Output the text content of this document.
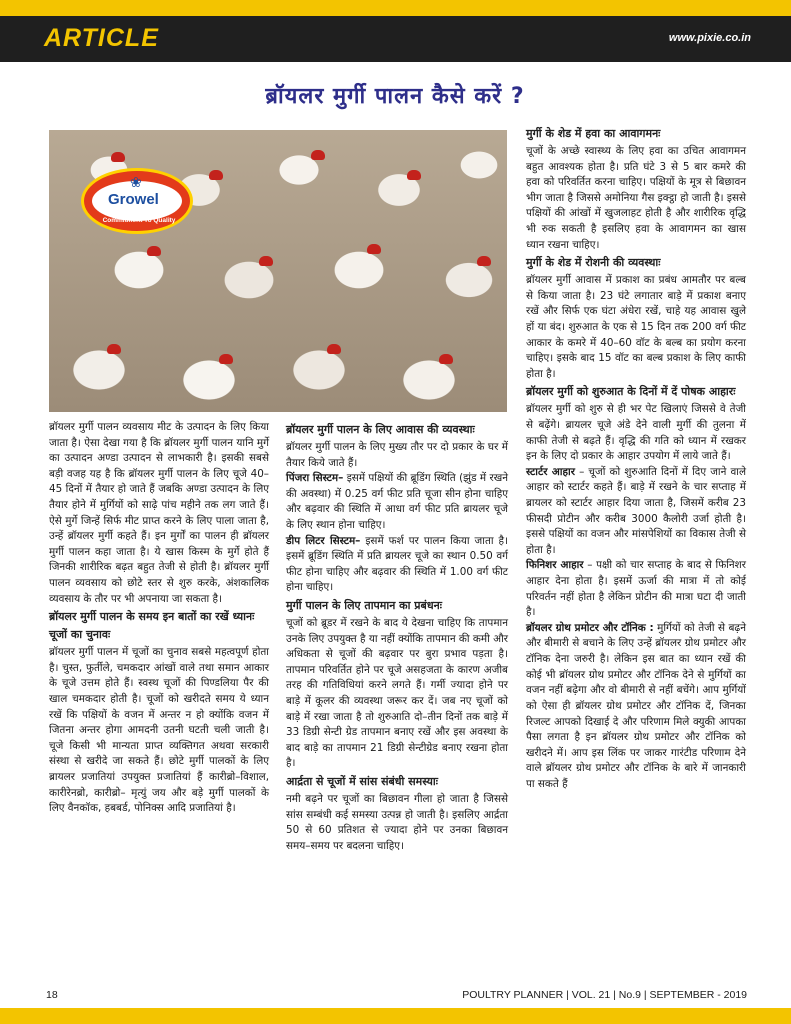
ARTICLE	www.pixie.co.in
ब्रॉयलर मुर्गी पालन कैसे करें ?
❀
Growel
Commitment To Quality

ब्रॉयलर मुर्गी पालन व्यवसाय मीट के उत्पादन के लिए किया जाता है। ऐसा देखा गया है कि ब्रॉयलर मुर्गी पालन यानि मुर्गे का उत्पादन अण्डा उत्पादन से लाभकारी है। इसकी सबसे बड़ी वजह यह है कि ब्रॉयलर मुर्गी पालन के लिए चूजे 40–45 दिनों में तैयार हो जाते हैं जबकि अण्डा उत्पादन के लिए तैयार होने में मुर्गियों को साढ़े पांच महीने तक लग जाते हैं। ऐसे मुर्गे जिन्हें सिर्फ मीट प्राप्त करने के लिए पाला जाता है, उन्हें ब्रॉयलर मुर्गी कहते हैं। इन मुर्गों का पालन ही ब्रॉयलर मुर्गी पालन कहा जाता है। ये खास किस्म के मुर्गे होते हैं जिनकी शारीरिक बढ़त बहुत तेजी से होती है। ब्रॉयलर मुर्गी पालन व्यवसाय को छोटे स्तर से शुरु करके, अंशकालिक व्यवसाय के तौर पर भी अपनाया जा सकता है।

ब्रॉयलर मुर्गी पालन के समय इन बातों का रखें ध्यानः
चूजों का चुनावः

ब्रॉयलर मुर्गी पालन में चूजों का चुनाव सबसे महत्वपूर्ण होता है। चुस्त, फुर्तीले, चमकदार आंखों वाले तथा समान आकार के चूजे उत्तम होते हैं। स्वस्थ चूजों की पिण्डलिया पैर की खाल चमकदार होती है। चूजों को खरीदते समय ये ध्यान रखें कि पक्षियों के वजन में अन्तर न हो क्योंकि वजन में जितना अन्तर होगा आमदनी उतनी घटती चली जाती है। चूजे किसी भी मान्यता प्राप्त व्यक्तिगत अथवा सरकारी संस्था से खरीदे जा सकते हैं। छोटे मुर्गी पालकों के लिए ब्रायलर प्रजातियां उपयुक्त प्रजातियां हैं कारीब्रो–विशाल, कारीरेनब्रो, कारीब्रो– मृत्युं जय और बड़े मुर्गी पालकों के लिए वैनकॉक, हबबर्ड, पोनिक्स आदि प्रजातियां है।

ब्रॉयलर मुर्गी पालन के लिए आवास की व्यवस्थाः

ब्रॉयलर मुर्गी पालन के लिए मुख्य तौर पर दो प्रकार के घर में तैयार किये जाते हैं।

पिंजरा सिस्टम– इसमें पक्षियों की ब्रूडिंग स्थिति (झुंड में रखने की अवस्था) में 0.25 वर्ग फीट प्रति चूजा सीन होना चाहिए और बढ़वार की स्थिति में आधा वर्ग फीट प्रति ब्रायलर चूजे के लिए स्थान होना चाहिए।

डीप लिटर सिस्टम– इसमें फर्श पर पालन किया जाता है। इसमें ब्रूडिंग स्थिति में प्रति ब्रायलर चूजे का स्थान 0.50 वर्ग फीट होना चाहिए और बढ़वार की स्थिति में 1.00 वर्ग फीट होना चाहिए।

मुर्गी पालन के लिए तापमान का प्रबंधनः

चूजों को ब्रूडर में रखने के बाद ये देखना चाहिए कि तापमान उनके लिए उपयुक्त है या नहीं क्योंकि तापमान की कमी और अधिकता से चूजों की बढ़वार पर बुरा प्रभाव पड़ता है। तापमान परिवर्तित होने पर चूजे असहजता के कारण अजीब तरह की गतिविधियां करने लगते हैं। गर्मी ज्यादा होने पर बाड़े में कूलर की व्यवस्था जरूर कर दें। जब नए चूजों को बाड़े में रखा जाता है तो शुरुआति दो–तीन दिनों तक बाड़े में 33 डिग्री सेन्टी ग्रेड तापमान बनाए रखें और इस अवस्था के बाद बाड़े का तापमान 21 डिग्री सेन्टीग्रेड बनाए रखना होता है।

आर्द्रता से चूजों में सांस संबंधी समस्याः

नमी बढ़ने पर चूजों का बिछावन गीला हो जाता है जिससे सांस सम्बंधी कई समस्या उत्पन्न हो जाती है। इसलिए आर्द्रता 50 से 60 प्रतिशत से ज्यादा होने पर उनका बिछावन समय–समय पर बदलना चाहिए।

मुर्गी के शेड में हवा का आवागमनः

चूजों के अच्छे स्वास्थ्य के लिए हवा का उचित आवागमन बहुत आवश्यक होता है। प्रति घंटे 3 से 5 बार कमरे की हवा को परिवर्तित करना चाहिए। पक्षियों के मूत्र से बिछावन भीग जाता है जिससे अमोनिया गैस इक्ट्ठा हो जाती है। इससे पक्षियों की आंखों में खुजलाहट होती है और शारीरिक वृद्धि भी रुक सकती है इसलिए हवा के आवागमन का खास ध्यान रखना चाहिए।

मुर्गी के शेड में रोशनी की व्यवस्थाः

ब्रॉयलर मुर्गी आवास में प्रकाश का प्रबंध आमतौर पर बल्ब से किया जाता है। 23 घंटे लगातार बाड़े में प्रकाश बनाए रखें और सिर्फ एक घंटा अंधेरा रखें, चाहे यह आवास खुले हों या बंद। शुरुआत के एक से 15 दिन तक 200 वर्ग फीट आकार के कमरे में 40–60 वॉट के बल्ब का प्रयोग करना चाहिए। इसके बाद 15 वॉट का बल्ब प्रकाश के लिए काफी होता है।

ब्रॉयलर मुर्गी को शुरुआत के दिनों में दें पोषक आहारः

ब्रॉयलर मुर्गी को शुरु से ही भर पेट खिलाएं जिससे वे तेजी से बढ़ेंगे। ब्रायलर चूजे अंडे देने वाली मुर्गी की तुलना में काफी तेजी से बढ़ते हैं। वृद्धि की गति को ध्यान में रखकर इन के लिए दो प्रकार के आहार उपयोग में लाये जाते हैं।

स्टार्टर आहार – चूजों को शुरुआति दिनों में दिए जाने वाले आहार को स्टार्टर कहते हैं। बाड़े में रखने के चार सप्ताह में ब्रायलर को स्टार्टर आहार दिया जाता है, जिसमें करीब 23 फीसदी प्रोटीन और करीब 3000 कैलोरी उर्जा होती है। इससे पक्षियों का वजन और मांसपेशियों का विकास तेजी से होता है।

फिनिशर आहार – पक्षी को चार सप्ताह के बाद से फिनिशर आहार देना होता है। इसमें ऊर्जा की मात्रा में तो कोई परिवर्तन नहीं होता है लेकिन प्रोटीन की मात्रा घटा दी जाती है।

ब्रॉयलर ग्रोथ प्रमोटर और टॉनिक : मुर्गियों को तेजी से बढ़ने और बीमारी से बचाने के लिए उन्हें ब्रॉयलर ग्रोथ प्रमोटर और टॉनिक देना जरुरी है। लेकिन इस बात का ध्यान रखें की कोई भी ब्रॉयलर ग्रोथ प्रमोटर और टॉनिक देने से मुर्गियों का वजन नहीं बढ़ेगा और वो बीमारी से नहीं बचेंगे। आप मुर्गियों को ऐसा ही ब्रॉयलर ग्रोथ प्रमोटर और टॉनिक दें, जिनका रिजल्ट आपको दिखाई दे और परिणाम मिले क्युकी आपका पैसा लगता है इन ब्रॉयलर ग्रोथ प्रमोटर और टॉनिक को खरीदने में। आप इस लिंक पर जाकर गारंटीड परिणाम देने वाले ब्रॉयलर ग्रोथ प्रमोटर और टॉनिक के बारे में जानकारी पा सकते हैं

18	POULTRY PLANNER | VOL. 21 | No.9 | SEPTEMBER - 2019
